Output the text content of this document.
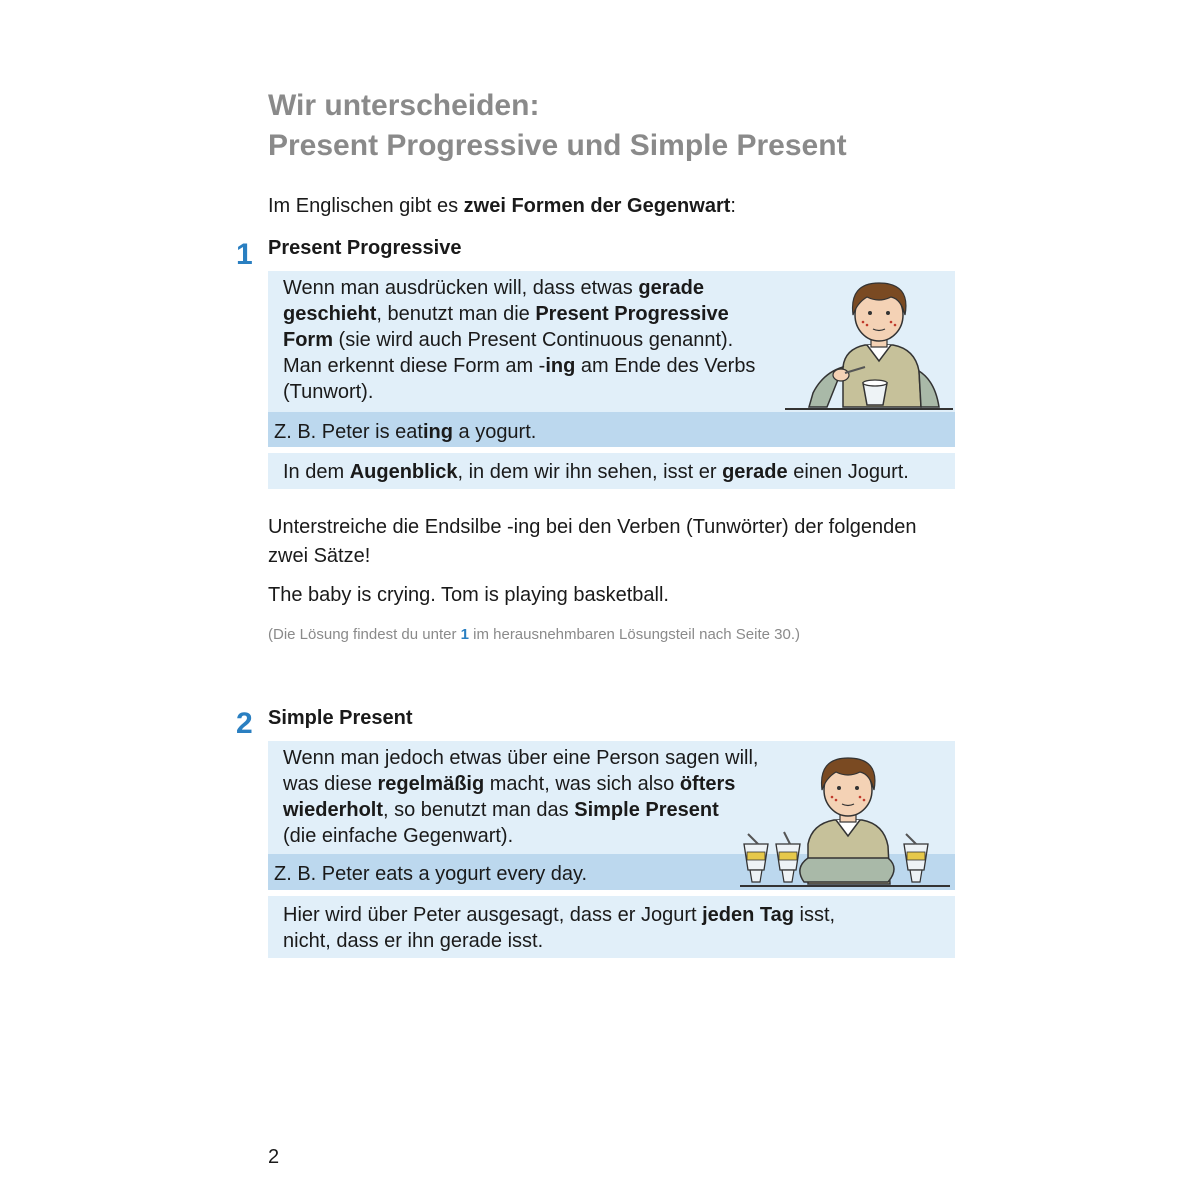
Wir unterscheiden:
Present Progressive und Simple Present
Im Englischen gibt es zwei Formen der Gegenwart:
1 Present Progressive
Wenn man ausdrücken will, dass etwas gerade
geschieht, benutzt man die Present Progressive
Form (sie wird auch Present Continuous genannt).
Man erkennt diese Form am -ing am Ende des Verbs
(Tunwort).
Z. B. Peter is eating a yogurt.
In dem Augenblick, in dem wir ihn sehen, isst er gerade einen Jogurt.
Unterstreiche die Endsilbe -ing bei den Verben (Tunwörter) der folgenden
zwei Sätze!
The baby is crying. Tom is playing basketball.
(Die Lösung findest du unter 1 im herausnehmbaren Lösungsteil nach Seite 30.)
2 Simple Present
Wenn man jedoch etwas über eine Person sagen will,
was diese regelmäßig macht, was sich also öfters
wiederholt, so benutzt man das Simple Present
(die einfache Gegenwart).
Z. B. Peter eats a yogurt every day.
Hier wird über Peter ausgesagt, dass er Jogurt jeden Tag isst,
nicht, dass er ihn gerade isst.
2
